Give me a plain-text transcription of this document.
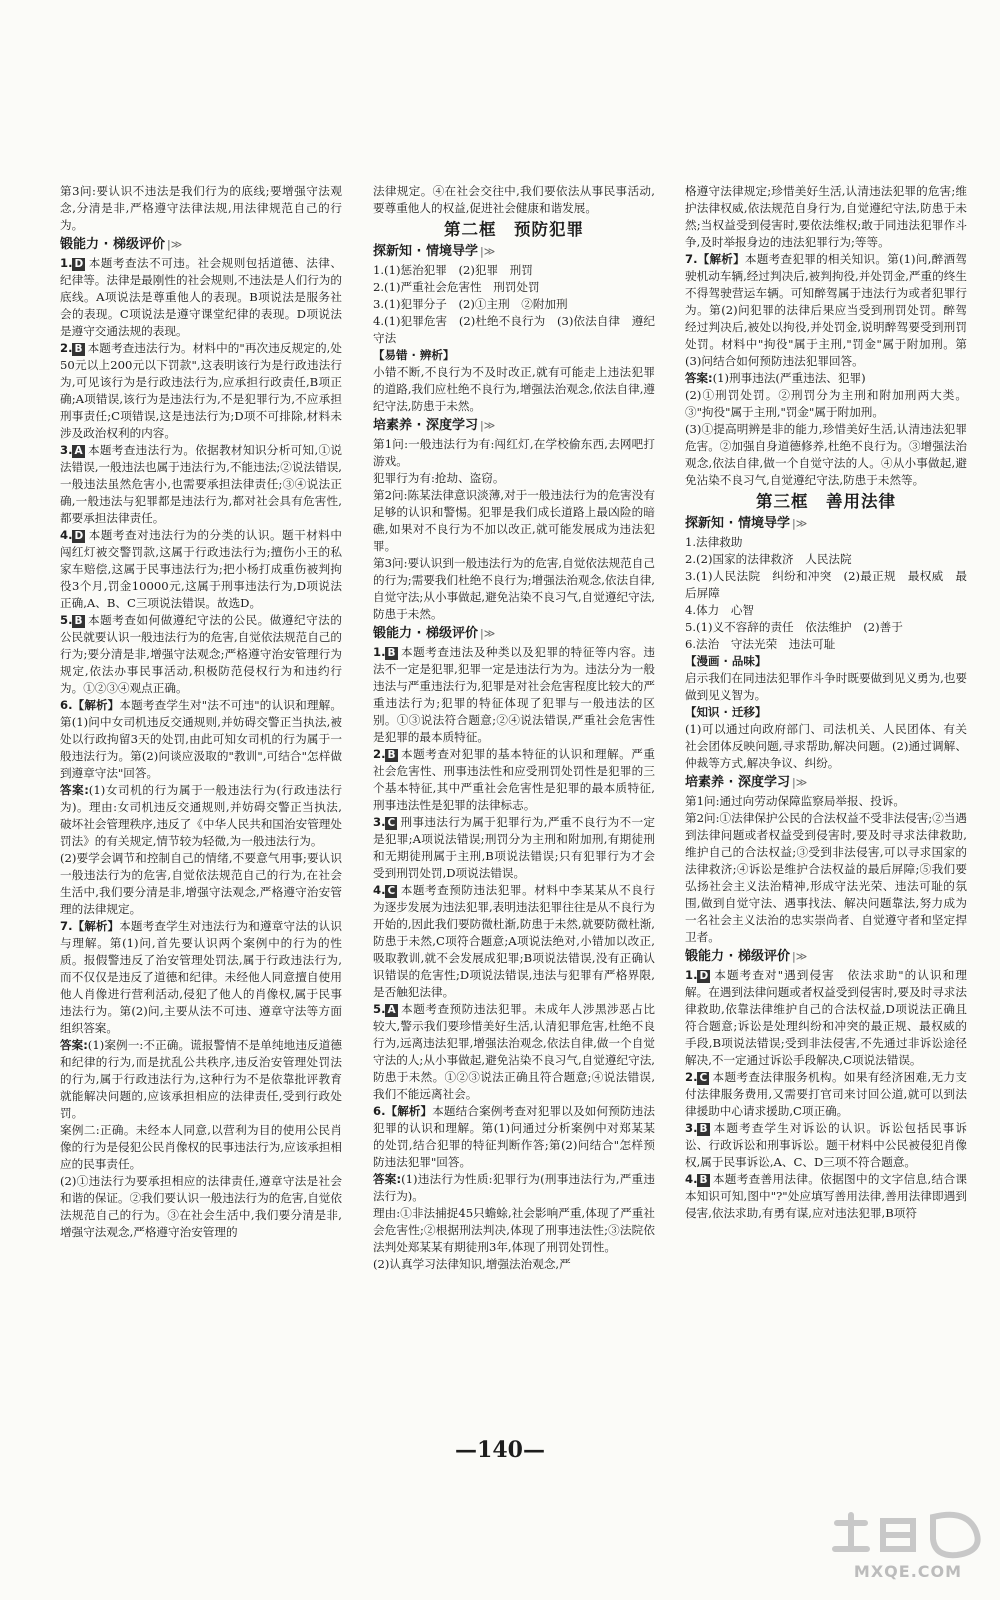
第3问:要认识不违法是我们行为的底线;要增强守法观念,分清是非,严格遵守法律法规,用法律规范自己的行为。

锻能力 · 梯级评价 |≫

1. D 本题考查法不可违。社会规则包括道德、法律、纪律等。法律是最刚性的社会规则,不违法是人们行为的底线。A项说法是尊重他人的表现。B项说法是服务社会的表现。C项说法是遵守课堂纪律的表现。D项说法是遵守交通法规的表现。

2. B 本题考查违法行为。材料中的"再次违反规定的,处50元以上200元以下罚款",这表明该行为是行政违法行为,可见该行为是行政违法行为,应承担行政责任,B项正确;A项错误,该行为是违法行为,不是犯罪行为,不应承担刑事责任;C项错误,这是违法行为;D项不可排除,材料未涉及政治权利的内容。

3. A 本题考查违法行为。依据教材知识分析可知,①说法错误,一般违法也属于违法行为,不能违法;②说法错误,一般违法虽然危害小,也需要承担法律责任;③④说法正确,一般违法与犯罪都是违法行为,都对社会具有危害性,都要承担法律责任。

4. D 本题考查对违法行为的分类的认识。题干材料中闯红灯被交警罚款,这属于行政违法行为;擅伤小王的私家车赔偿,这属于民事违法行为;把小杨打成重伤被判拘役3个月,罚金10000元,这属于刑事违法行为,D项说法正确,A、B、C三项说法错误。故选D。

5. B 本题考查如何做遵纪守法的公民。做遵纪守法的公民就要认识一般违法行为的危害,自觉依法规范自己的行为;要分清是非,增强守法观念;严格遵守治安管理行为规定,依法办事民事活动,积极防范侵权行为和违约行为。①②③④观点正确。

6.【解析】本题考查学生对"法不可违"的认识和理解。第(1)问中女司机违反交通规则,并妨碍交警正当执法,被处以行政拘留3天的处罚,由此可知女司机的行为属于一般违法行为。第(2)问谈应汲取的"教训",可结合"怎样做到遵章守法"回答。

答案:(1)女司机的行为属于一般违法行为(行政违法行为)。理由:女司机违反交通规则,并妨碍交警正当执法,破坏社会管理秩序,违反了《中华人民共和国治安管理处罚法》的有关规定,情节较为轻微,为一般违法行为。

(2)要学会调节和控制自己的情绪,不要意气用事;要认识一般违法行为的危害,自觉依法规范自己的行为,在社会生活中,我们要分清是非,增强守法观念,严格遵守治安管理的法律规定。

7.【解析】本题考查学生对违法行为和遵章守法的认识与理解。第(1)问,首先要认识两个案例中的行为的性质。报假警违反了治安管理处罚法,属于行政违法行为,而不仅仅是违反了道德和纪律。未经他人同意擅自使用他人肖像进行营利活动,侵犯了他人的肖像权,属于民事违法行为。第(2)问,主要从法不可违、遵章守法等方面组织答案。

答案:(1)案例一:不正确。谎报警情不是单纯地违反道德和纪律的行为,而是扰乱公共秩序,违反治安管理处罚法的行为,属于行政违法行为,这种行为不是依靠批评教育就能解决问题的,应该承担相应的法律责任,受到行政处罚。

案例二:正确。未经本人同意,以营利为目的使用公民肖像的行为是侵犯公民肖像权的民事违法行为,应该承担相应的民事责任。

(2)①违法行为要承担相应的法律责任,遵章守法是社会和谐的保证。②我们要认识一般违法行为的危害,自觉依法规范自己的行为。③在社会生活中,我们要分清是非,增强守法观念,严格遵守治安管理的

法律规定。④在社会交往中,我们要依法从事民事活动,要尊重他人的权益,促进社会健康和谐发展。

第二框　预防犯罪
探新知 · 情境导学 |≫

1.(1)惩治犯罪　(2)犯罪　刑罚

2.(1)严重社会危害性　刑罚处罚

3.(1)犯罪分子　(2)①主刑　②附加刑

4.(1)犯罪危害　(2)杜绝不良行为　(3)依法自律　遵纪守法

【易错 · 辨析】

小错不断,不良行为不及时改正,就有可能走上违法犯罪的道路,我们应杜绝不良行为,增强法治观念,依法自律,遵纪守法,防患于未然。

培素养 · 深度学习 |≫

第1问:一般违法行为有:闯红灯,在学校偷东西,去网吧打游戏。

犯罪行为有:抢劫、盗窃。

第2问:陈某法律意识淡薄,对于一般违法行为的危害没有足够的认识和警惕。犯罪是我们成长道路上最凶险的暗礁,如果对不良行为不加以改正,就可能发展成为违法犯罪。

第3问:要认识到一般违法行为的危害,自觉依法规范自己的行为;需要我们杜绝不良行为;增强法治观念,依法自律,自觉守法;从小事做起,避免沾染不良习气,自觉遵纪守法,防患于未然。

锻能力 · 梯级评价 |≫

1. B 本题考查违法及种类以及犯罪的特征等内容。违法不一定是犯罪,犯罪一定是违法行为为。违法分为一般违法与严重违法行为,犯罪是对社会危害程度比较大的严重违法行为;犯罪的特征体现了犯罪与一般违法的区别。①③说法符合题意;②④说法错误,严重社会危害性是犯罪的最本质特征。

2. B 本题考查对犯罪的基本特征的认识和理解。严重社会危害性、刑事违法性和应受刑罚处罚性是犯罪的三个基本特征,其中严重社会危害性是犯罪的最本质特征,刑事违法性是犯罪的法律标志。

3. C 刑事违法行为属于犯罪行为,严重不良行为不一定是犯罪;A项说法错误;刑罚分为主刑和附加刑,有期徒刑和无期徒刑属于主刑,B项说法错误;只有犯罪行为才会受到刑罚处罚,D项说法错误。

4. C 本题考查预防违法犯罪。材料中李某某从不良行为逐步发展为违法犯罪,表明违法犯罪往往是从不良行为开始的,因此我们要防微杜渐,防患于未然,就要防微杜渐,防患于未然,C项符合题意;A项说法绝对,小错加以改正,吸取教训,就不会发展成犯罪;B项说法错误,没有正确认识错误的危害性;D项说法错误,违法与犯罪有严格界限,是否触犯法律。

5. A 本题考查预防违法犯罪。未成年人涉黑涉恶占比较大,警示我们要珍惜美好生活,认清犯罪危害,杜绝不良行为,远离违法犯罪,增强法治观念,依法自律,做一个自觉守法的人;从小事做起,避免沾染不良习气,自觉遵纪守法,防患于未然。①②③说法正确且符合题意;④说法错误,我们不能远离社会。

6.【解析】本题结合案例考查对犯罪以及如何预防违法犯罪的认识和理解。第(1)问通过分析案例中对郑某某的处罚,结合犯罪的特征判断作答;第(2)问结合"怎样预防违法犯罪"回答。

答案:(1)违法行为性质:犯罪行为(刑事违法行为,严重违法行为)。

理由:①非法捕捉45只蟾蜍,社会影响严重,体现了严重社会危害性;②根据刑法判决,体现了刑事违法性;③法院依法判处郑某某有期徒刑3年,体现了刑罚处罚性。

(2)认真学习法律知识,增强法治观念,严

格遵守法律规定;珍惜美好生活,认清违法犯罪的危害;维护法律权威,依法规范自身行为,自觉遵纪守法,防患于未然;当权益受到侵害时,要依法维权;敢于同违法犯罪作斗争,及时举报身边的违法犯罪行为;等等。

7.【解析】本题考查犯罪的相关知识。第(1)问,醉酒驾驶机动车辆,经过判决后,被判拘役,并处罚金,严重的终生不得驾驶营运车辆。可知醉驾属于违法行为或者犯罪行为。第(2)问犯罪的法律后果应当受到刑罚处罚。醉驾经过判决后,被处以拘役,并处罚金,说明醉驾要受到刑罚处罚。材料中"拘役"属于主刑,"罚金"属于附加刑。第(3)问结合如何预防违法犯罪回答。

答案:(1)刑事违法(严重违法、犯罪)

(2)①刑罚处罚。②刑罚分为主刑和附加刑两大类。③"拘役"属于主刑,"罚金"属于附加刑。

(3)①提高明辨是非的能力,珍惜美好生活,认清违法犯罪危害。②加强自身道德修养,杜绝不良行为。③增强法治观念,依法自律,做一个自觉守法的人。④从小事做起,避免沾染不良习气,自觉遵纪守法,防患于未然等。

第三框　善用法律
探新知 · 情境导学 |≫

1.法律救助

2.(2)国家的法律救济　人民法院

3.(1)人民法院　纠纷和冲突　(2)最正规　最权威　最后屏障

4.体力　心智

5.(1)义不容辞的责任　依法维护　(2)善于

6.法治　守法光荣　违法可耻

【漫画 · 品味】

启示我们在同违法犯罪作斗争时既要做到见义勇为,也要做到见义智为。

【知识 · 迁移】

(1)可以通过向政府部门、司法机关、人民团体、有关社会团体反映问题,寻求帮助,解决问题。(2)通过调解、仲裁等方式,解决争议、纠纷。

培素养 · 深度学习 |≫

第1问:通过向劳动保障监察局举报、投诉。

第2问:①法律保护公民的合法权益不受非法侵害;②当遇到法律问题或者权益受到侵害时,要及时寻求法律救助,维护自己的合法权益;③受到非法侵害,可以寻求国家的法律救济;④诉讼是维护合法权益的最后屏障;⑤我们要弘扬社会主义法治精神,形成守法光荣、违法可耻的氛围,做到自觉守法、遇事找法、解决问题靠法,努力成为一名社会主义法治的忠实崇尚者、自觉遵守者和坚定捍卫者。

锻能力 · 梯级评价 |≫

1. D 本题考查对"遇到侵害　依法求助"的认识和理解。在遇到法律问题或者权益受到侵害时,要及时寻求法律救助,依靠法律维护自己的合法权益,D项说法正确且符合题意;诉讼是处理纠纷和冲突的最正规、最权威的手段,B项说法错误;受到非法侵害,不先通过非诉讼途径解决,不一定通过诉讼手段解决,C项说法错误。

2. C 本题考查法律服务机构。如果有经济困难,无力支付法律服务费用,又需要打官司来讨回公道,就可以到法律援助中心请求援助,C项正确。

3. B 本题考查学生对诉讼的认识。诉讼包括民事诉讼、行政诉讼和刑事诉讼。题干材料中公民被侵犯肖像权,属于民事诉讼,A、C、D三项不符合题意。

4. B 本题考查善用法律。依据图中的文字信息,结合课本知识可知,图中"?"处应填写善用法律,善用法律即遇到侵害,依法求助,有勇有谋,应对违法犯罪,B项符

—140—
MXQE.COM
